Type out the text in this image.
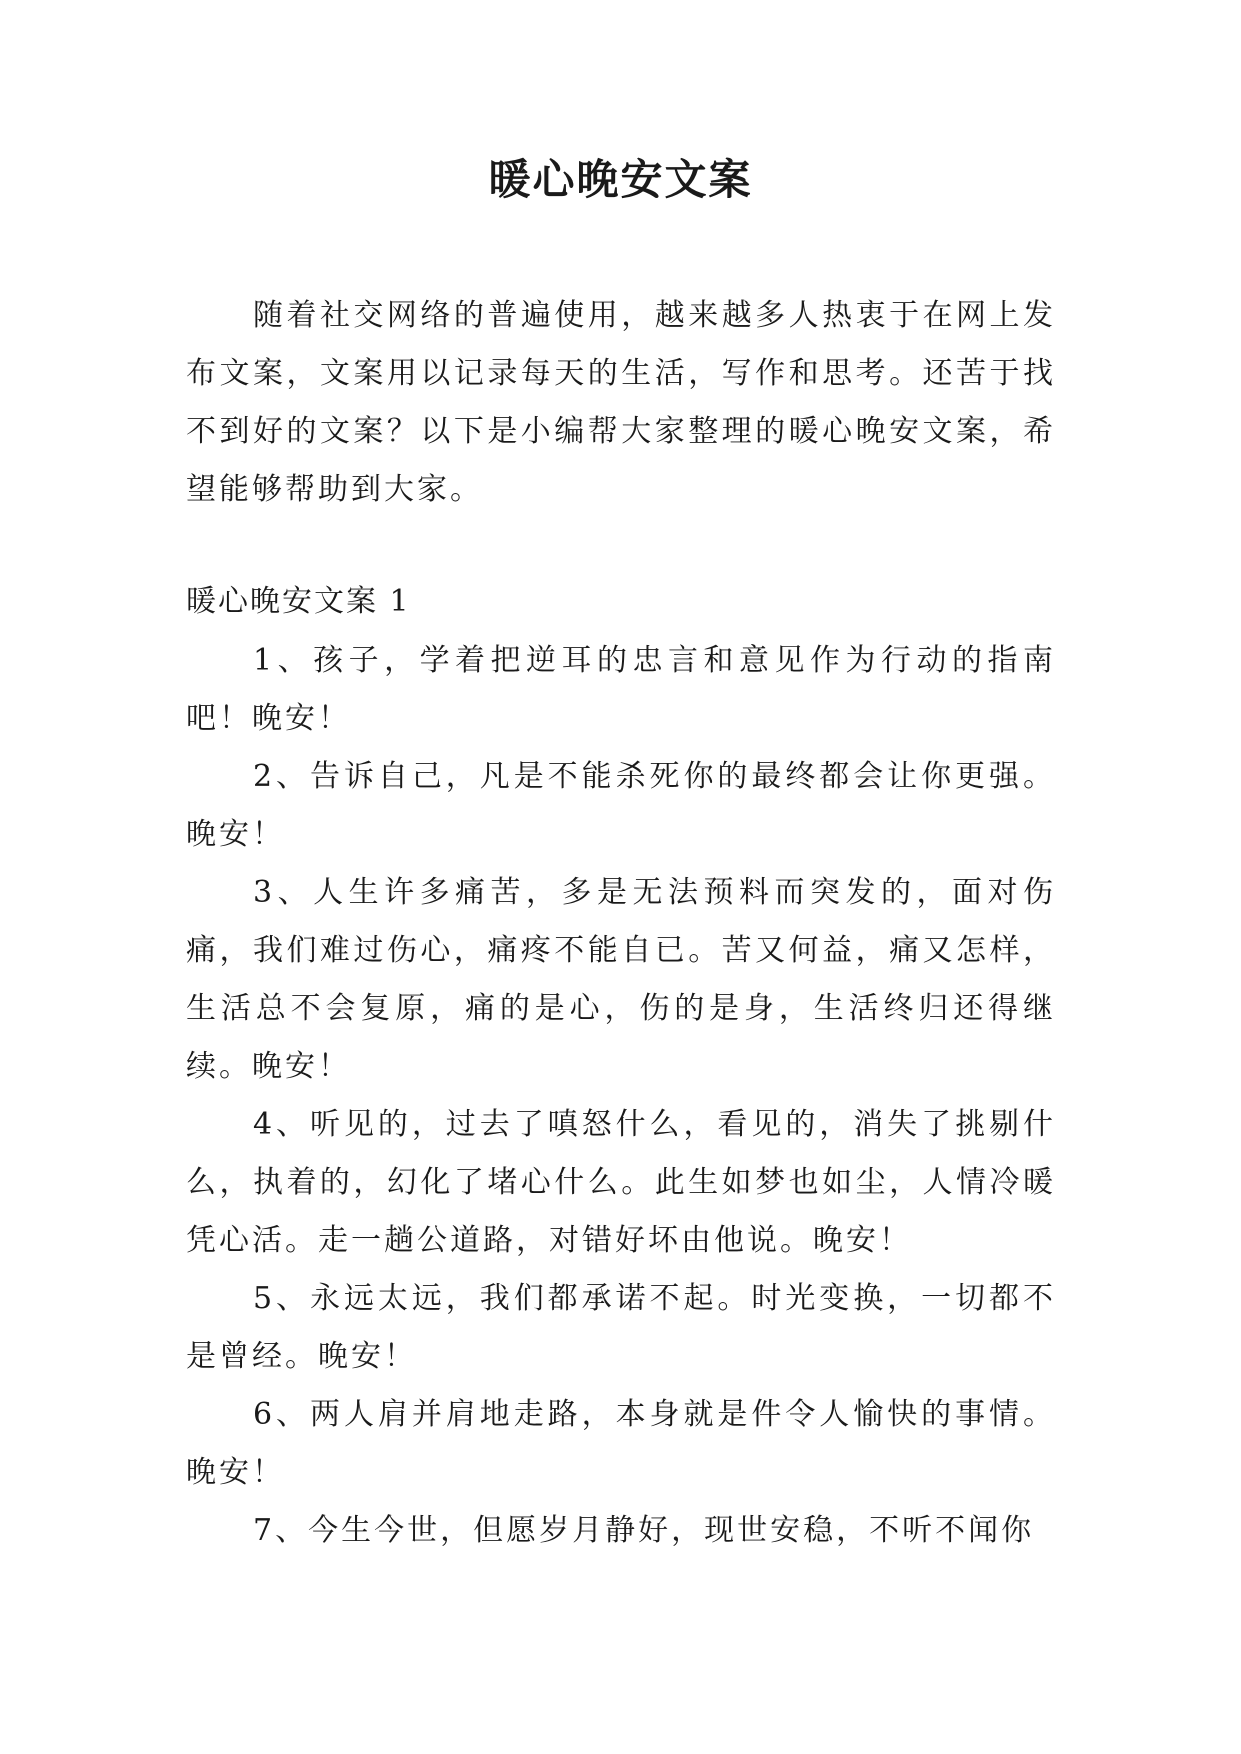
暖心晚安文案

随着社交网络的普遍使用，越来越多人热衷于在网上发布文案，文案用以记录每天的生活，写作和思考。还苦于找不到好的文案？以下是小编帮大家整理的暖心晚安文案，希望能够帮助到大家。

暖心晚安文案 1

1、孩子，学着把逆耳的忠言和意见作为行动的指南吧！晚安！

2、告诉自己，凡是不能杀死你的最终都会让你更强。晚安！

3、人生许多痛苦，多是无法预料而突发的，面对伤痛，我们难过伤心，痛疼不能自已。苦又何益，痛又怎样，生活总不会复原，痛的是心，伤的是身，生活终归还得继续。晚安！

4、听见的，过去了嗔怒什么，看见的，消失了挑剔什么，执着的，幻化了堵心什么。此生如梦也如尘，人情冷暖凭心活。走一趟公道路，对错好坏由他说。晚安！

5、永远太远，我们都承诺不起。时光变换，一切都不是曾经。晚安！

6、两人肩并肩地走路，本身就是件令人愉快的事情。晚安！

7、今生今世，但愿岁月静好，现世安稳，不听不闻你
